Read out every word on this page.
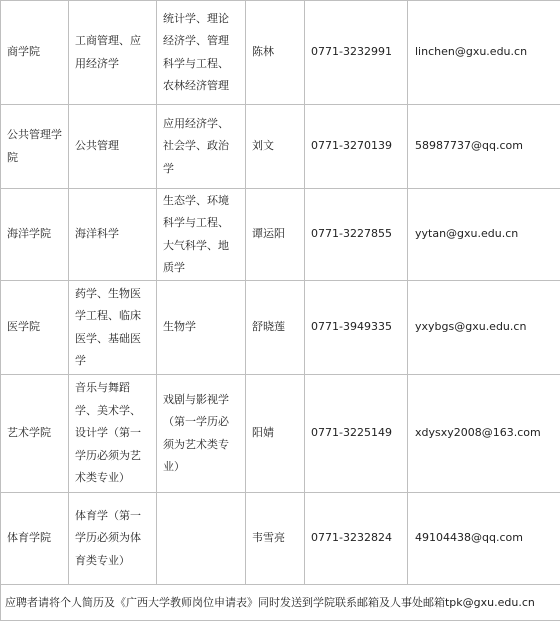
商学院	工商管理、应
用经济学	统计学、理论
经济学、管理
科学与工程、
农林经济管理	陈林	0771-3232991	linchen@gxu.edu.cn

公共管理学
院	公共管理	应用经济学、
社会学、政治
学	刘文	0771-3270139	58987737@qq.com

海洋学院	海洋科学	生态学、环境
科学与工程、
大气科学、地
质学	谭运阳	0771-3227855	yytan@gxu.edu.cn

医学院	药学、生物医
学工程、临床
医学、基础医
学	生物学	舒晓莲	0771-3949335	yxybgs@gxu.edu.cn

艺术学院	音乐与舞蹈
学、美术学、
设计学（第一
学历必须为艺
术类专业）	戏剧与影视学
（第一学历必
须为艺术类专
业）	阳婧	0771-3225149	xdysxy2008@163.com

体育学院	体育学（第一
学历必须为体
育类专业）		韦雪亮	0771-3232824	49104438@qq.com
应聘者请将个人简历及《广西大学教师岗位申请表》同时发送到学院联系邮箱及人事处邮箱tpk@gxu.edu.cn					
